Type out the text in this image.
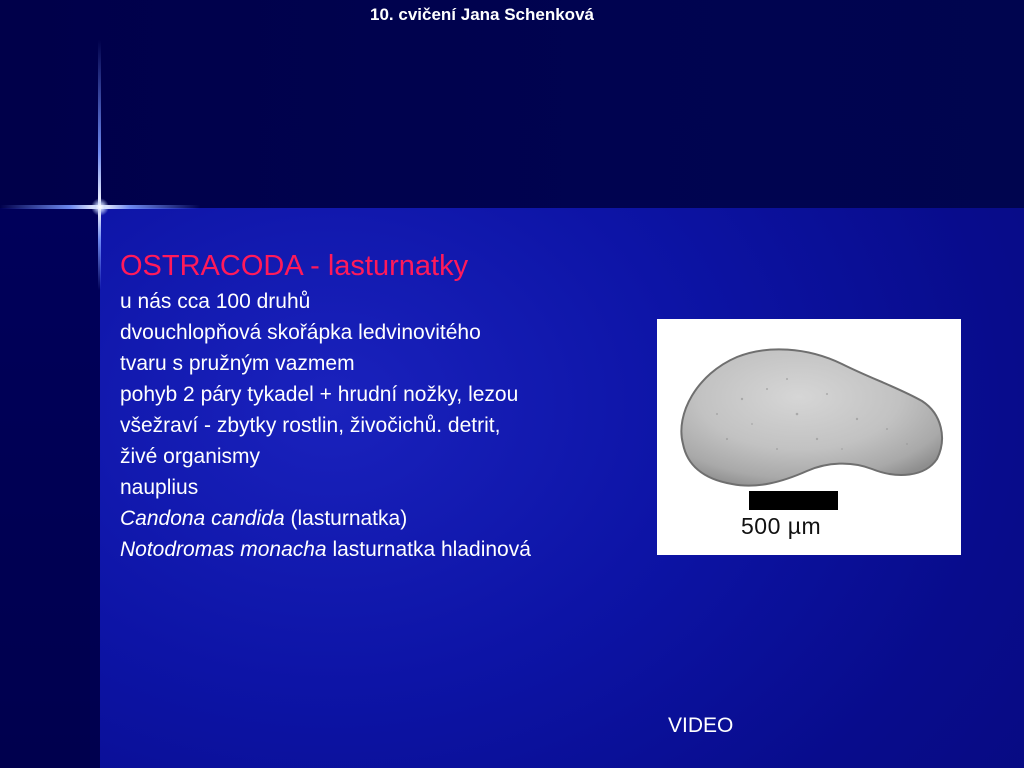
10. cvičení Jana Schenková
OSTRACODA - lasturnatky
u nás cca 100 druhů
dvouchlopňová skořápka ledvinovitého
tvaru s pružným vazmem
pohyb 2 páry tykadel + hrudní nožky, lezou
všežraví - zbytky rostlin, živočichů. detrit,
živé organismy
nauplius
Candona candida (lasturnatka)
Notodromas monacha lasturnatka hladinová
500 µm
VIDEO
